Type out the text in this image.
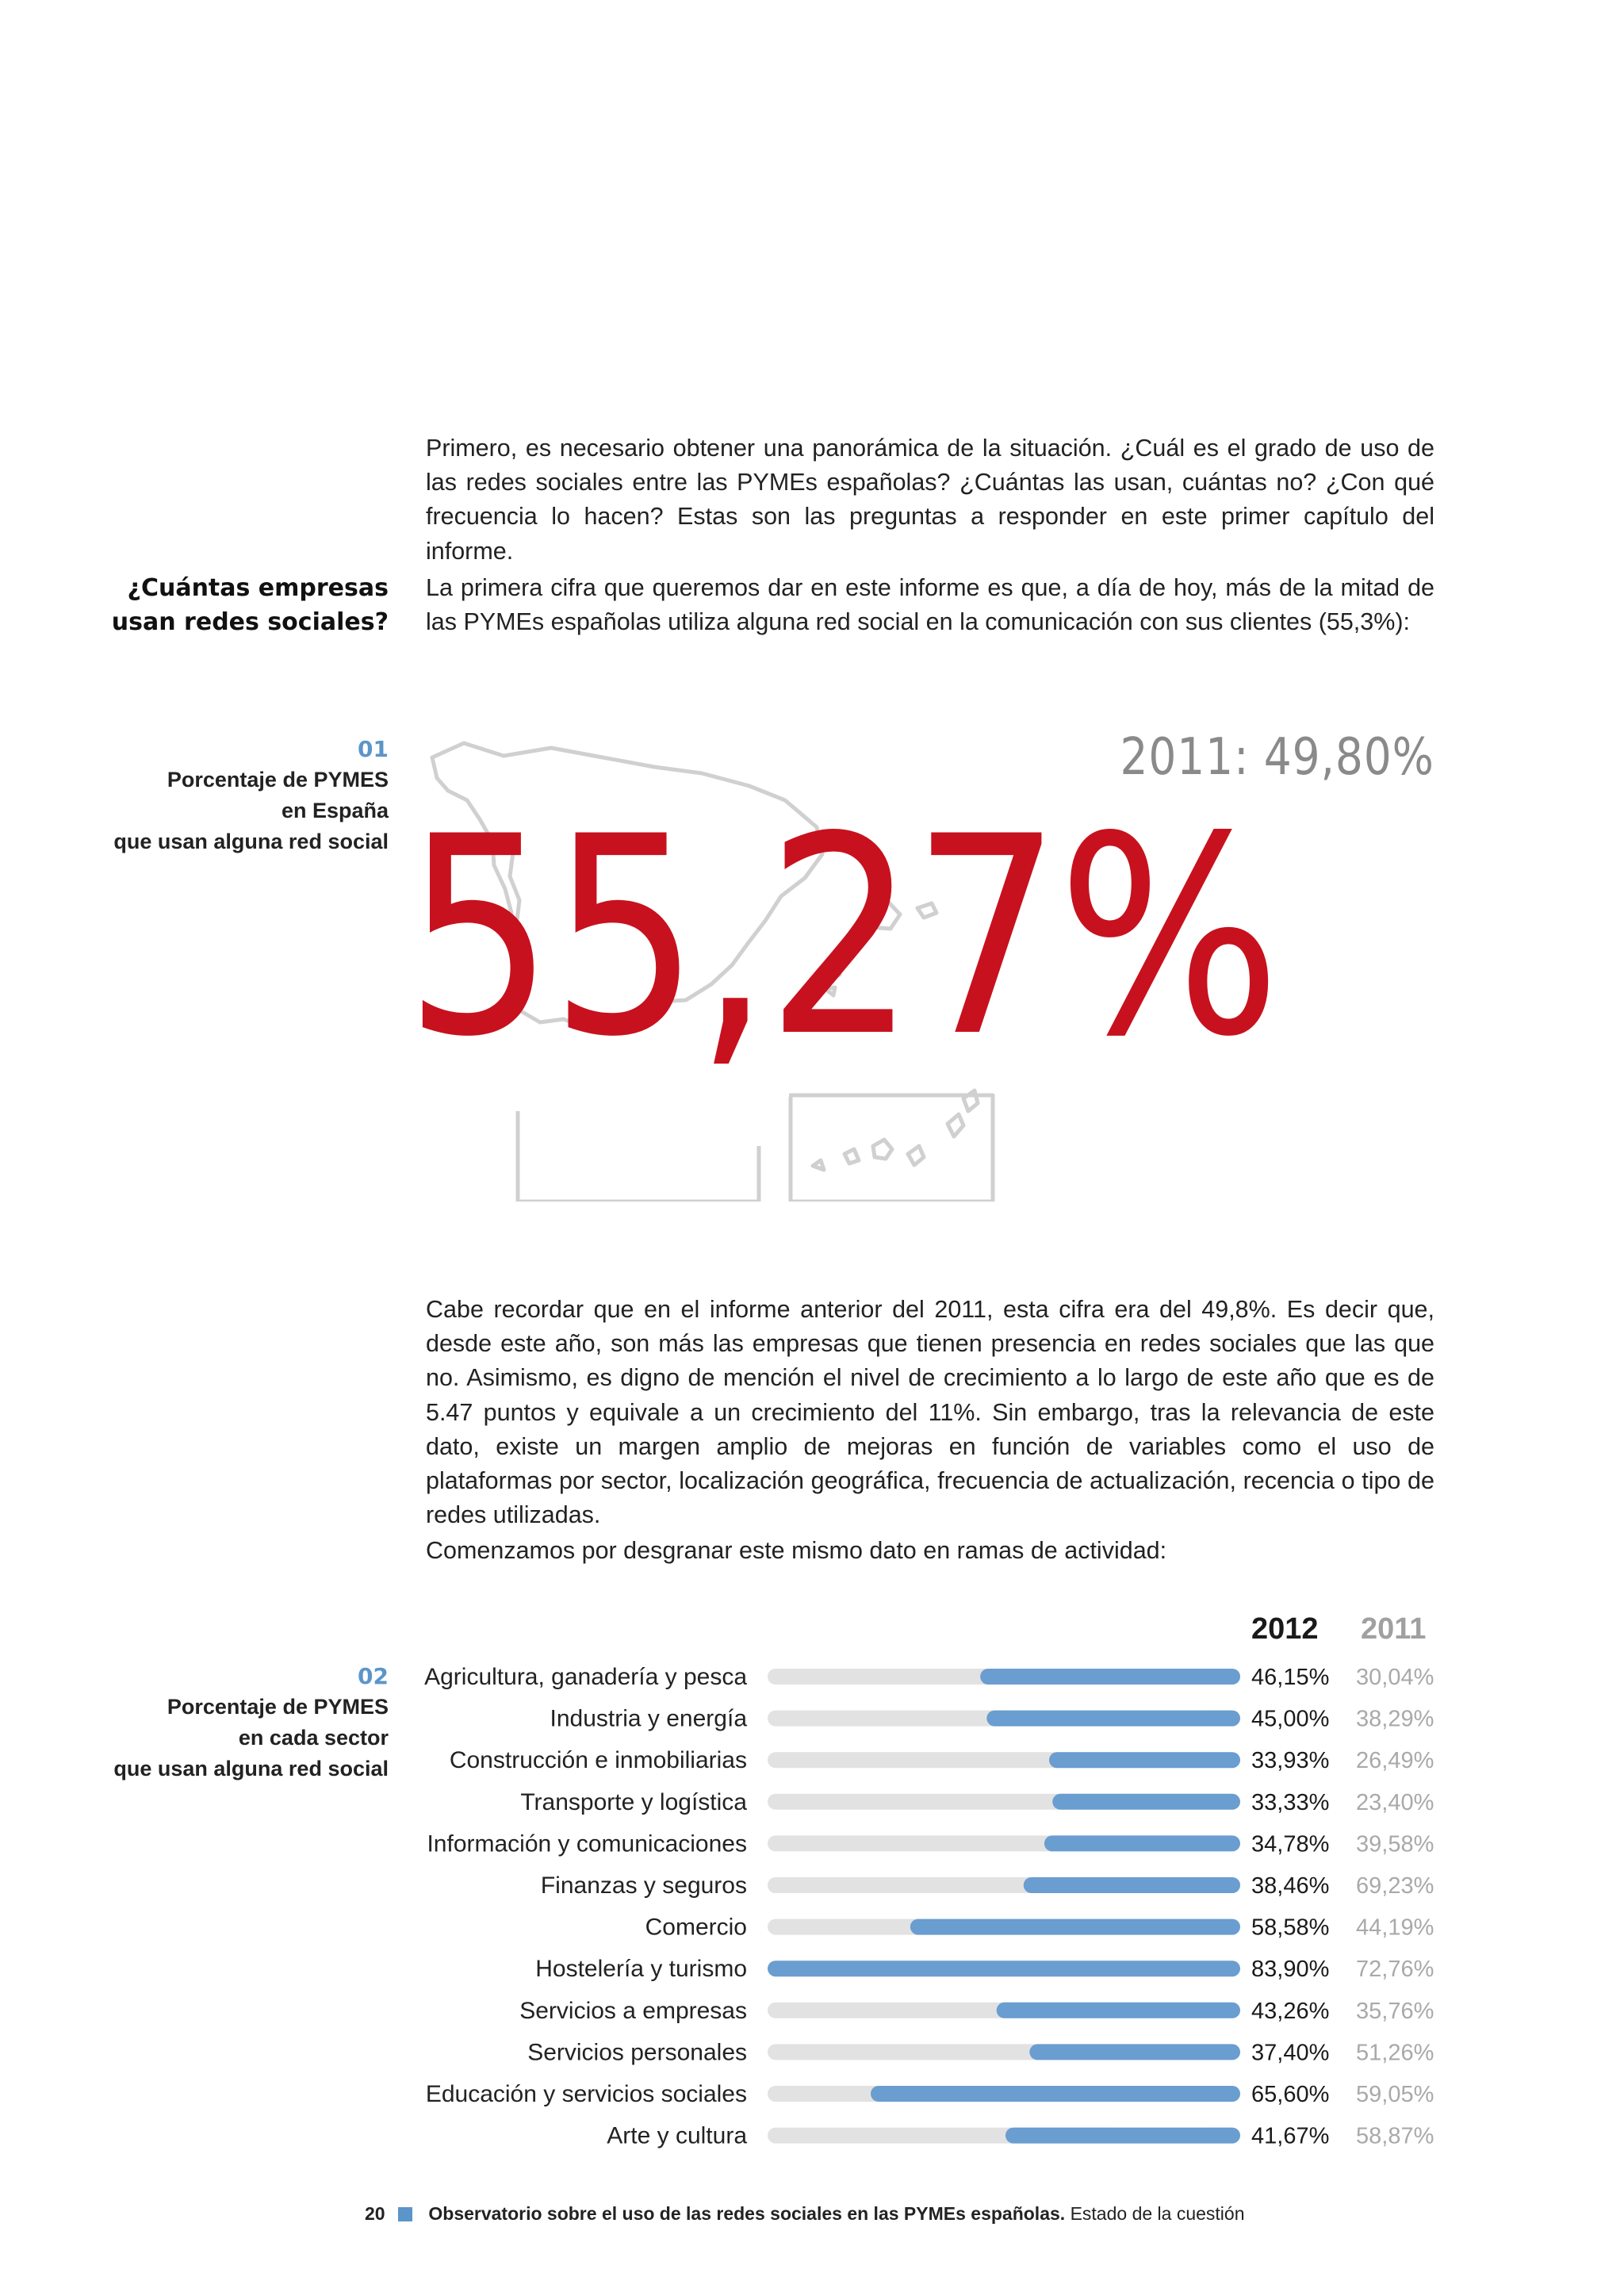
Primero, es necesario obtener una panorámica de la situación. ¿Cuál es el grado de uso de las redes sociales entre las PYMEs españolas? ¿Cuántas las usan, cuántas no? ¿Con qué frecuencia lo hacen? Estas son las preguntas a responder en este primer capítulo del informe.
¿Cuántas empresas
usan redes sociales?
La primera cifra que queremos dar en este informe es que, a día de hoy, más de la mitad de las PYMEs españolas utiliza alguna red social en la comunicación con sus clientes (55,3%):
01
Porcentaje de PYMES
en España
que usan alguna red social
2011: 49,80%
55,27%
Cabe recordar que en el informe anterior del 2011, esta cifra era del 49,8%. Es decir que, desde este año, son más las empresas que tienen presencia en redes sociales que las que no. Asimismo, es digno de mención el nivel de crecimiento a lo largo de este año que es de 5.47 puntos y equivale a un crecimiento del 11%. Sin embargo, tras la relevancia de este dato, existe un margen amplio de mejoras en función de variables como el uso de plataformas por sector, localización geográfica, frecuencia de actualización, recencia o tipo de redes utilizadas.
Comenzamos por desgranar este mismo dato en ramas de actividad:
02
Porcentaje de PYMES
en cada sector
que usan alguna red social
2012 2011
Agricultura, ganadería y pesca	46,15% 30,04%
Industria y energía	45,00% 38,29%
Construcción e inmobiliarias	33,93% 26,49%
Transporte y logística	33,33% 23,40%
Información y comunicaciones	34,78% 39,58%
Finanzas y seguros	38,46% 69,23%
Comercio	58,58% 44,19%
Hostelería y turismo	83,90% 72,76%
Servicios a empresas	43,26% 35,76%
Servicios personales	37,40% 51,26%
Educación y servicios sociales	65,60% 59,05%
Arte y cultura	41,67% 58,87%
20 Observatorio sobre el uso de las redes sociales en las PYMEs españolas. Estado de la cuestión
